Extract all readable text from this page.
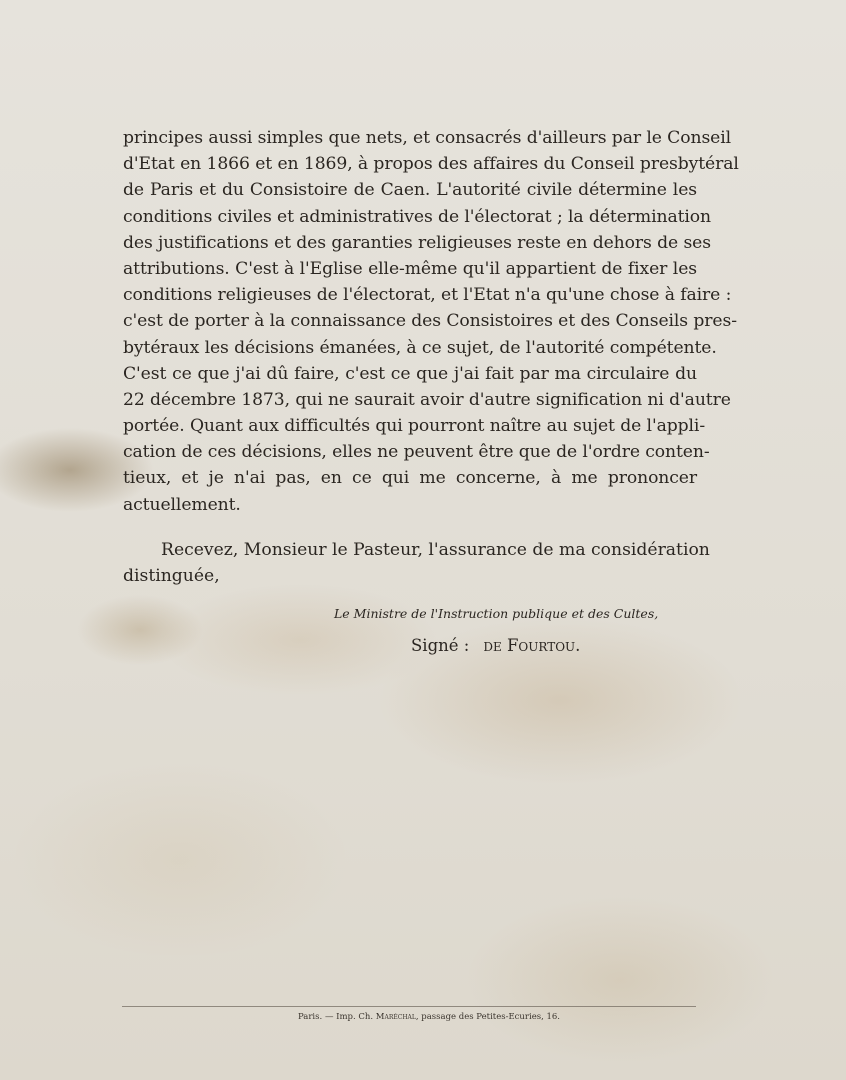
principes aussi simples que nets, et consacrés d'ailleurs par le Conseil
d'Etat en 1866 et en 1869, à propos des affaires du Conseil presbytéral
de Paris et du Consistoire de Caen. L'autorité civile détermine les
conditions civiles et administratives de l'électorat ; la détermination
des justifications et des garanties religieuses reste en dehors de ses
attributions. C'est à l'Eglise elle-même qu'il appartient de fixer les
conditions religieuses de l'électorat, et l'Etat n'a qu'une chose à faire :
c'est de porter à la connaissance des Consistoires et des Conseils pres-
bytéraux les décisions émanées, à ce sujet, de l'autorité compétente.
C'est ce que j'ai dû faire, c'est ce que j'ai fait par ma circulaire du
22 décembre 1873, qui ne saurait avoir d'autre signification ni d'autre
portée. Quant aux difficultés qui pourront naître au sujet de l'appli-
cation de ces décisions, elles ne peuvent être que de l'ordre conten-
tieux, et je n'ai pas, en ce qui me concerne, à me prononcer
actuellement.
Recevez, Monsieur le Pasteur, l'assurance de ma considération
distinguée,
Le Ministre de l'Instruction publique et des Cultes,
Signé : de Fourtou.
Paris. — Imp. Ch. Maréchal, passage des Petites-Ecuries, 16.
